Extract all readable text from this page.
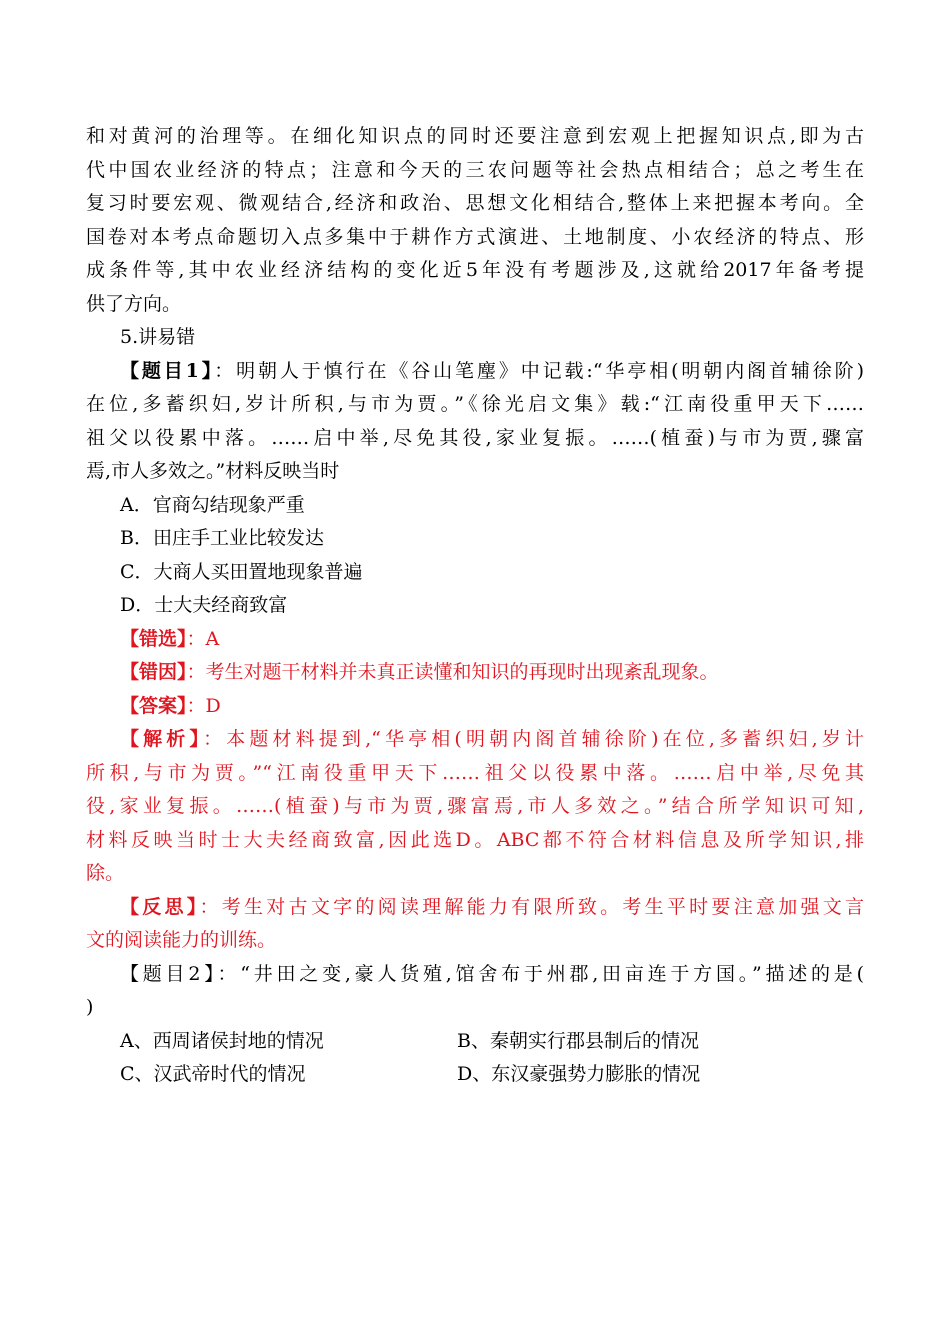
和对黄河的治理等。在细化知识点的同时还要注意到宏观上把握知识点,即为古
代中国农业经济的特点；注意和今天的三农问题等社会热点相结合；总之考生在
复习时要宏观、微观结合,经济和政治、思想文化相结合,整体上来把握本考向。全
国卷对本考点命题切入点多集中于耕作方式演进、土地制度、小农经济的特点、形
成条件等,其中农业经济结构的变化近5年没有考题涉及,这就给2017年备考提
供了方向。
5.讲易错
【题目1】：明朝人于慎行在《谷山笔麈》中记载:“华亭相(明朝内阁首辅徐阶)
在位,多蓄织妇,岁计所积,与市为贾。”《徐光启文集》载:“江南役重甲天下……
祖父以役累中落。……启中举,尽免其役,家业复振。……(植蚕)与市为贾,骤富
焉,市人多效之。”材料反映当时
A．官商勾结现象严重
B．田庄手工业比较发达
C．大商人买田置地现象普遍
D．士大夫经商致富
【错选】：A
【错因】：考生对题干材料并未真正读懂和知识的再现时出现紊乱现象。
【答案】：D
【解析】：本题材料提到,“华亭相(明朝内阁首辅徐阶)在位,多蓄织妇,岁计
所积,与市为贾。”“江南役重甲天下……祖父以役累中落。……启中举,尽免其
役,家业复振。……(植蚕)与市为贾,骤富焉,市人多效之。”结合所学知识可知,
材料反映当时士大夫经商致富,因此选D。ABC都不符合材料信息及所学知识,排
除。
【反思】：考生对古文字的阅读理解能力有限所致。考生平时要注意加强文言
文的阅读能力的训练。
【题目2】：“井田之变,豪人货殖,馆舍布于州郡,田亩连于方国。”描述的是(
)
A、西周诸侯封地的情况	B、秦朝实行郡县制后的情况
C、汉武帝时代的情况	D、东汉豪强势力膨胀的情况
